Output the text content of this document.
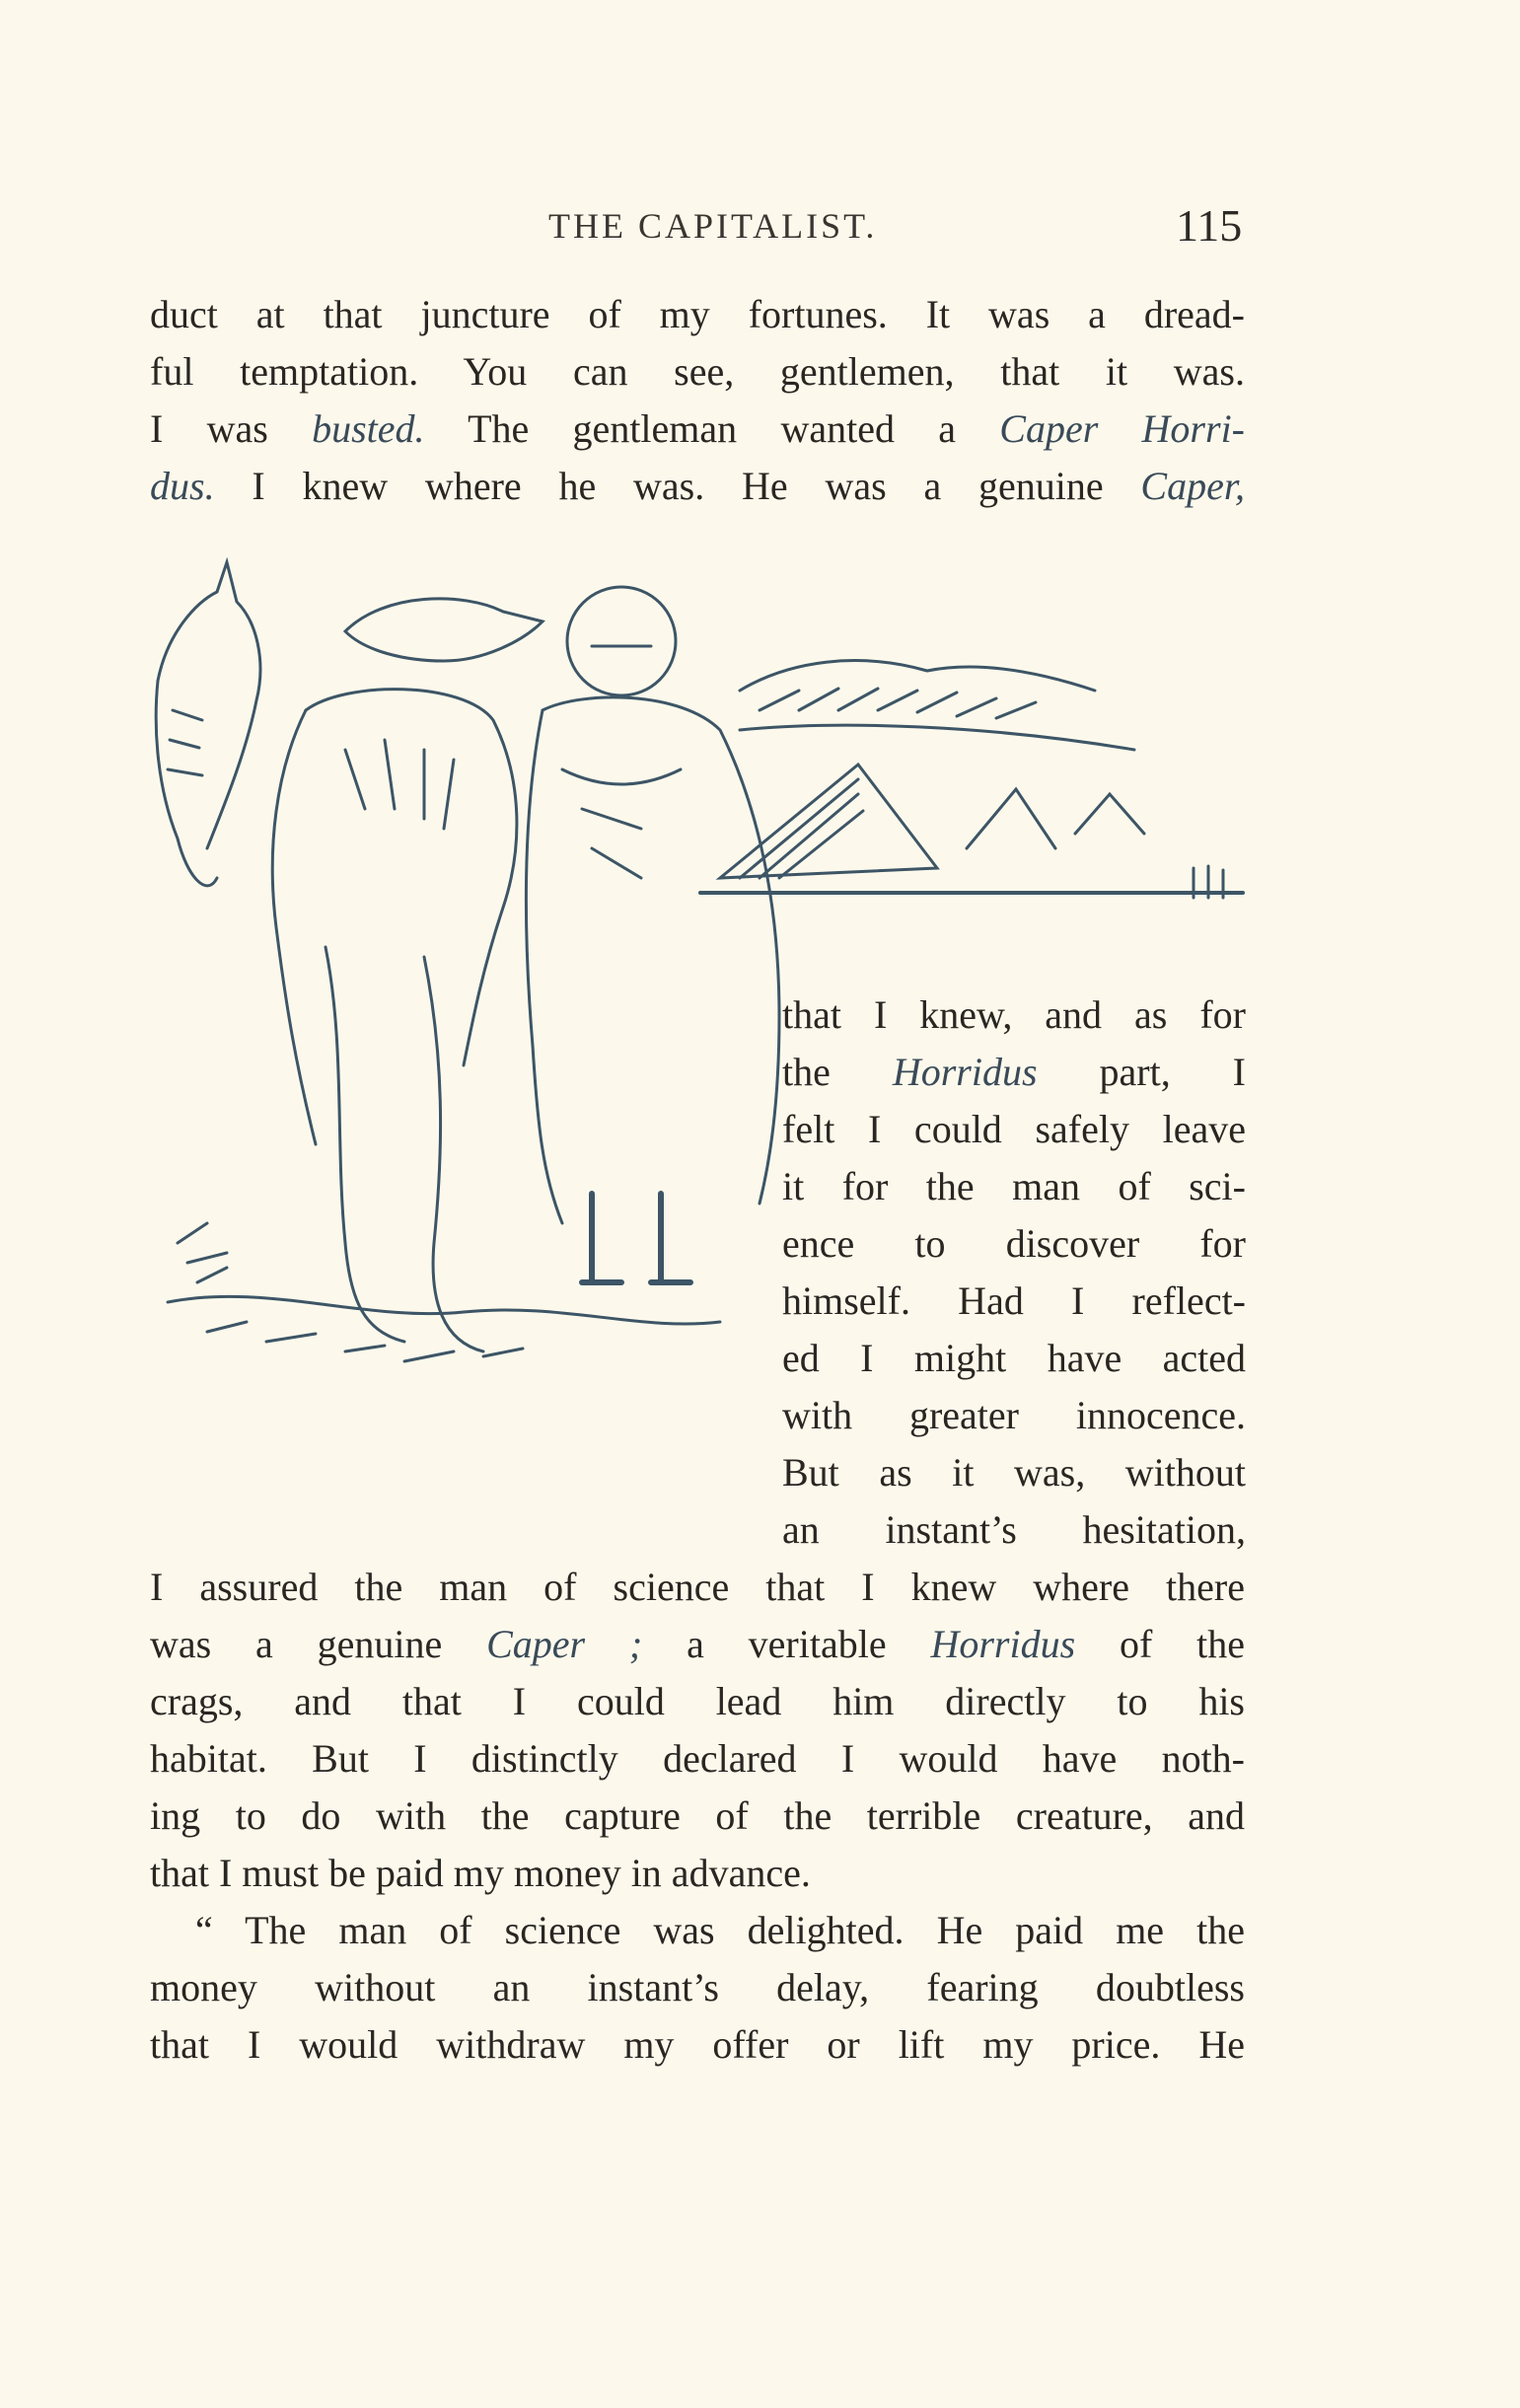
THE CAPITALIST.	115
duct at that juncture of my fortunes. It was a dread-
ful temptation. You can see, gentlemen, that it was.
I was busted. The gentleman wanted a Caper Horri-
dus. I knew where he was. He was a genuine Caper,
that I knew, and as for
the Horridus part, I
felt I could safely leave
it for the man of sci-
ence to discover for
himself. Had I reflect-
ed I might have acted
with greater innocence.
But as it was, without
an instant’s hesitation,
I assured the man of science that I knew where there
was a genuine Caper ; a veritable Horridus of the
crags, and that I could lead him directly to his
habitat. But I distinctly declared I would have noth-
ing to do with the capture of the terrible creature, and
that I must be paid my money in advance.
“ The man of science was delighted. He paid me the
money without an instant’s delay, fearing doubtless
that I would withdraw my offer or lift my price. He
